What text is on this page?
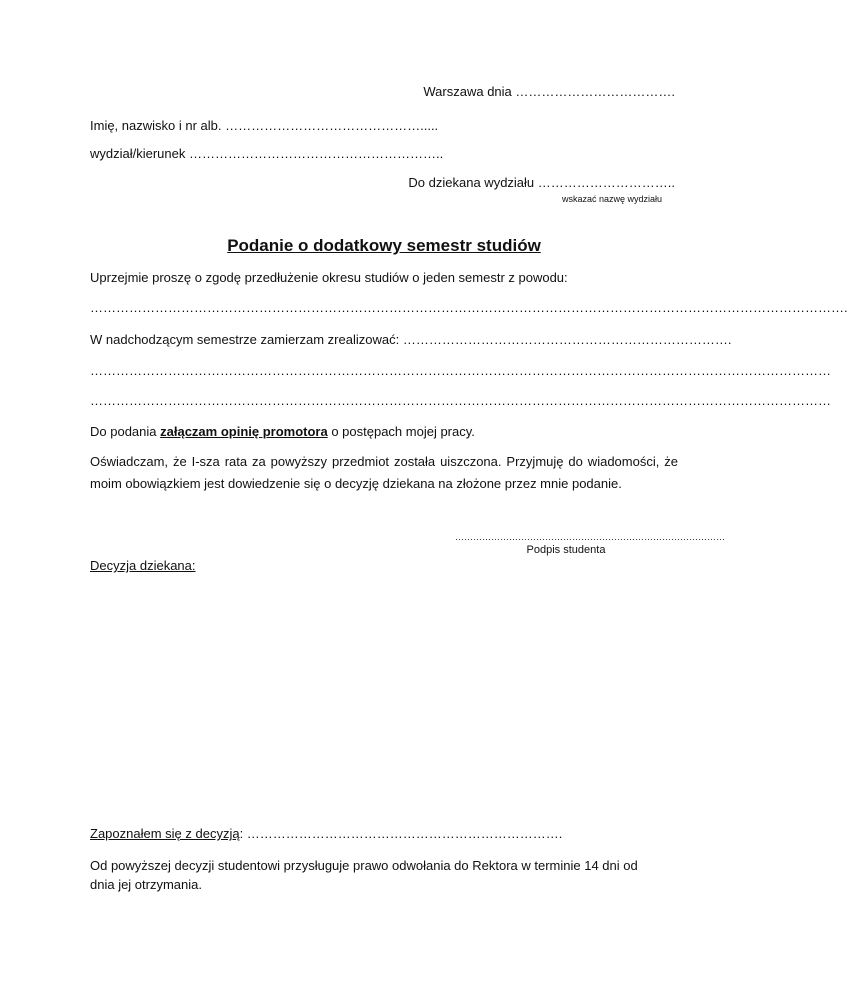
Warszawa dnia ……………………………….
Imię, nazwisko i nr alb. ……………………………………….....
wydział/kierunek …………………………………………………..
Do dziekana wydziału …………………………..
wskazać nazwę wydziału
Podanie o dodatkowy semestr studiów
Uprzejmie proszę o zgodę przedłużenie okresu studiów o jeden semestr z powodu:
………………………………………………………………………………………………………………………………………………………….
W nadchodzącym semestrze zamierzam zrealizować: ………………………………………………………………….
………………………………………………………………………………………………………………………………………………………
………………………………………………………………………………………………………………………………………………………
Do podania załączam opinię promotora o postępach mojej pracy.
Oświadczam, że I-sza rata za powyższy przedmiot została uiszczona. Przyjmuję do wiadomości, że moim obowiązkiem jest dowiedzenie się o decyzję dziekana na złożone przez mnie podanie.
………………………………………………………………………………
Podpis studenta
Decyzja dziekana:
Zapoznałem się z decyzją: ……………………………………………………………….
Od powyższej decyzji studentowi przysługuje prawo odwołania do Rektora w terminie 14 dni od dnia jej otrzymania.
